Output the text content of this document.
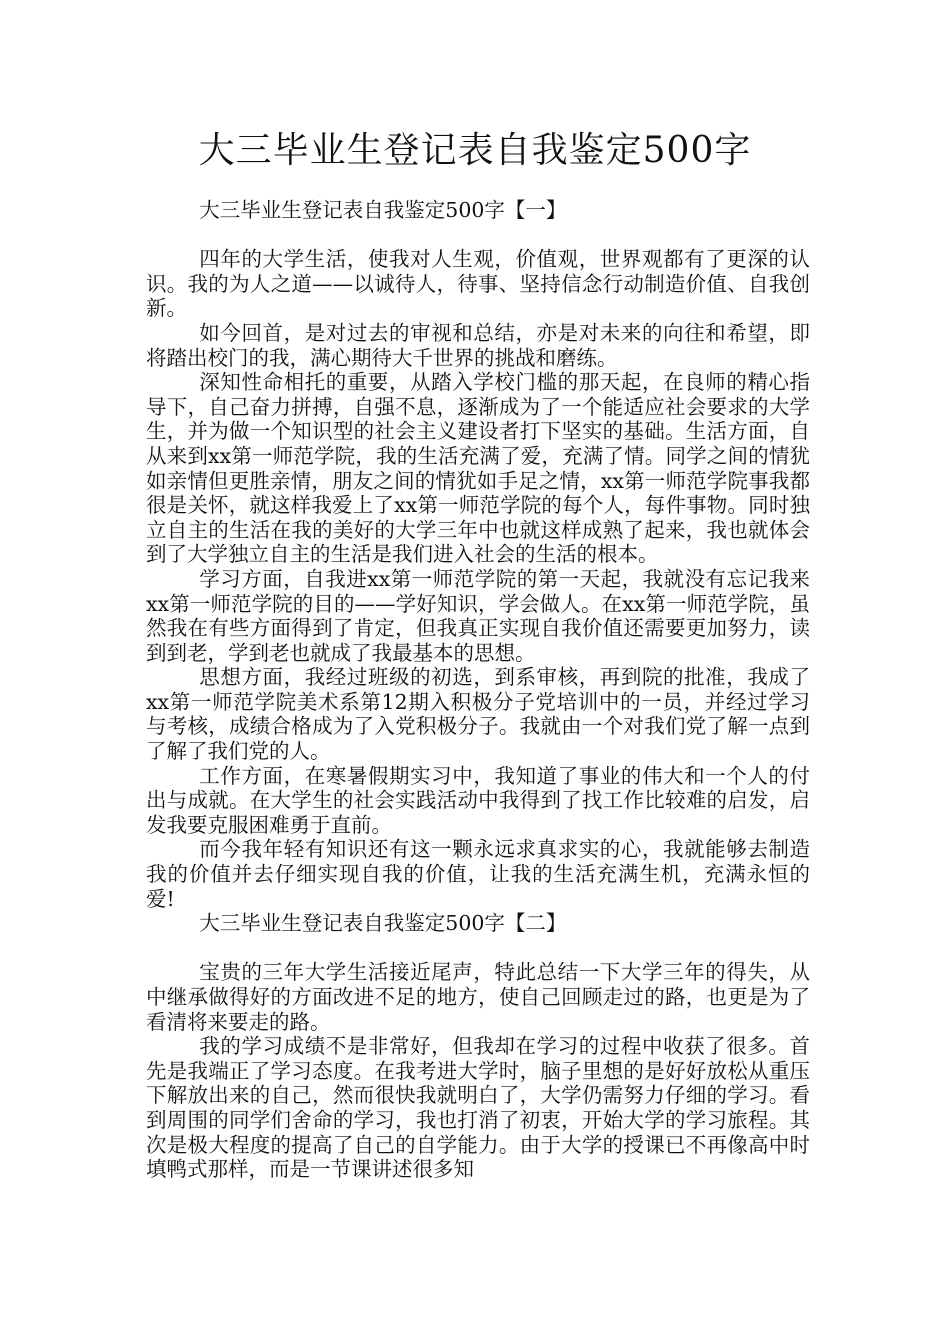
大三毕业生登记表自我鉴定500字

大三毕业生登记表自我鉴定500字【一】

四年的大学生活，使我对人生观，价值观，世界观都有了更深的认识。我的为人之道——以诚待人，待事、坚持信念行动制造价值、自我创新。

如今回首，是对过去的审视和总结，亦是对未来的向往和希望，即将踏出校门的我，满心期待大千世界的挑战和磨练。

深知性命相托的重要，从踏入学校门槛的那天起，在良师的精心指导下，自己奋力拼搏，自强不息，逐渐成为了一个能适应社会要求的大学生，并为做一个知识型的社会主义建设者打下坚实的基础。生活方面，自从来到xx第一师范学院，我的生活充满了爱，充满了情。同学之间的情犹如亲情但更胜亲情，朋友之间的情犹如手足之情，xx第一师范学院事我都很是关怀，就这样我爱上了xx第一师范学院的每个人，每件事物。同时独立自主的生活在我的美好的大学三年中也就这样成熟了起来，我也就体会到了大学独立自主的生活是我们进入社会的生活的根本。

学习方面，自我进xx第一师范学院的第一天起，我就没有忘记我来xx第一师范学院的目的——学好知识，学会做人。在xx第一师范学院，虽然我在有些方面得到了肯定，但我真正实现自我价值还需要更加努力，读到到老，学到老也就成了我最基本的思想。

思想方面，我经过班级的初选，到系审核，再到院的批准，我成了xx第一师范学院美术系第12期入积极分子党培训中的一员，并经过学习与考核，成绩合格成为了入党积极分子。我就由一个对我们党了解一点到了解了我们党的人。

工作方面，在寒暑假期实习中，我知道了事业的伟大和一个人的付出与成就。在大学生的社会实践活动中我得到了找工作比较难的启发，启发我要克服困难勇于直前。

而今我年轻有知识还有这一颗永远求真求实的心，我就能够去制造我的价值并去仔细实现自我的价值，让我的生活充满生机，充满永恒的爱!

大三毕业生登记表自我鉴定500字【二】

宝贵的三年大学生活接近尾声，特此总结一下大学三年的得失，从中继承做得好的方面改进不足的地方，使自己回顾走过的路，也更是为了看清将来要走的路。

我的学习成绩不是非常好，但我却在学习的过程中收获了很多。首先是我端正了学习态度。在我考进大学时，脑子里想的是好好放松从重压下解放出来的自己，然而很快我就明白了，大学仍需努力仔细的学习。看到周围的同学们舍命的学习，我也打消了初衷，开始大学的学习旅程。其次是极大程度的提高了自己的自学能力。由于大学的授课已不再像高中时填鸭式那样，而是一节课讲述很多知
